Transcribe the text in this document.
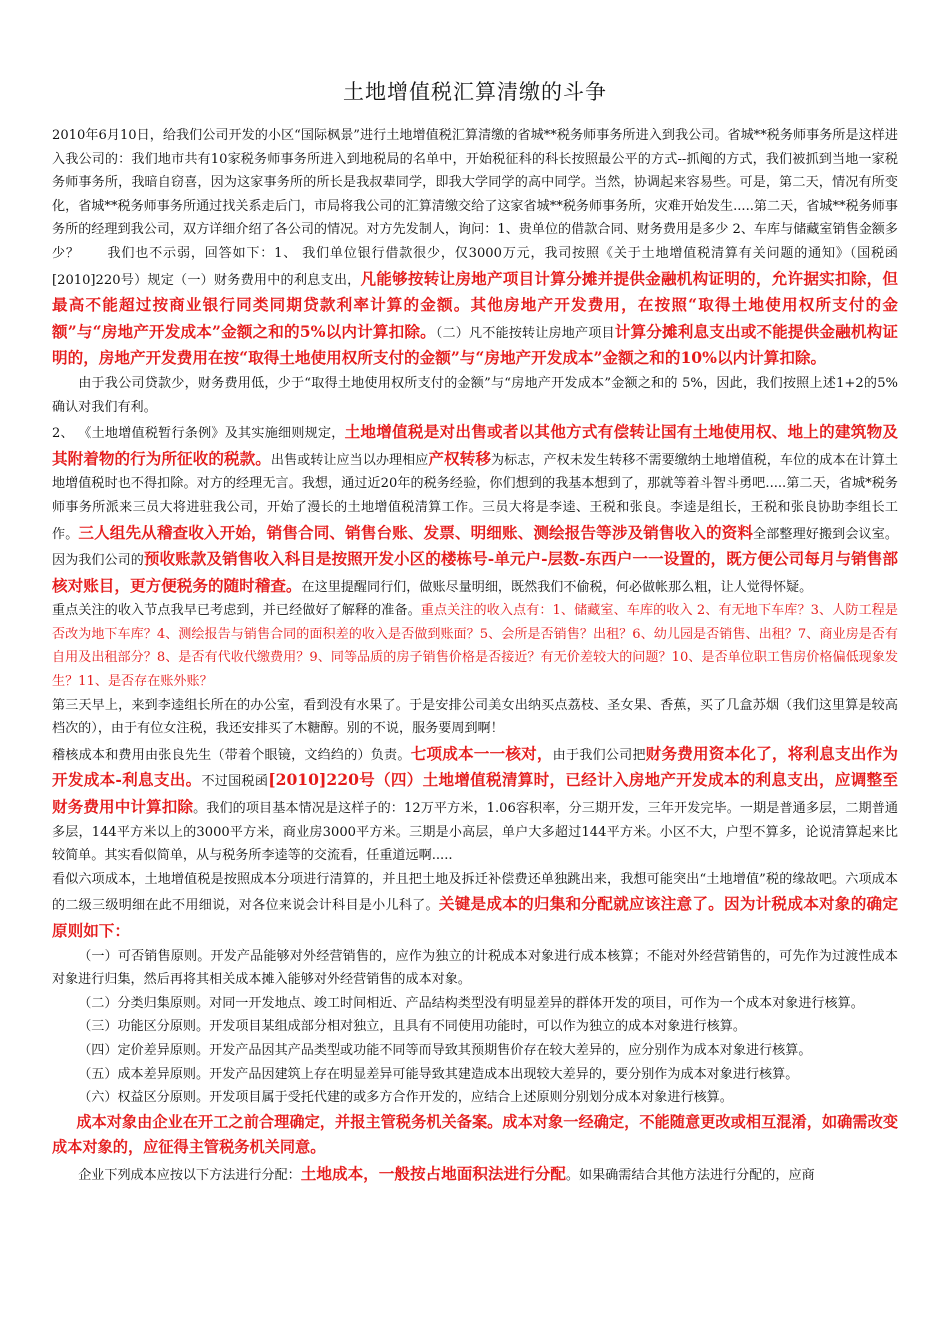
土地增值税汇算清缴的斗争

2010年6月10日，给我们公司开发的小区“国际枫景”进行土地增值税汇算清缴的省城**税务师事务所进入到我公司。省城**税务师事务所是这样进入我公司的：我们地市共有10家税务师事务所进入到地税局的名单中，开始税征科的科长按照最公平的方式--抓阄的方式，我们被抓到当地一家税务师事务所，我暗自窃喜，因为这家事务所的所长是我叔辈同学，即我大学同学的高中同学。当然，协调起来容易些。可是，第二天，情况有所变化，省城**税务师事务所通过找关系走后门，市局将我公司的汇算清缴交给了这家省城**税务师事务所，灾难开始发生.....第二天，省城**税务师事务所的经理到我公司，双方详细介绍了各公司的情况。对方先发制人，询问：1、贵单位的借款合同、财务费用是多少 2、车库与储藏室销售金额多少？　　我们也不示弱，回答如下：1、 我们单位银行借款很少，仅3000万元，我司按照《关于土地增值税清算有关问题的通知》（国税函[2010]220号）规定（一）财务费用中的利息支出，凡能够按转让房地产项目计算分摊并提供金融机构证明的，允许据实扣除，但最高不能超过按商业银行同类同期贷款利率计算的金额。其他房地产开发费用，在按照“取得土地使用权所支付的金额”与“房地产开发成本”金额之和的5%以内计算扣除。（二）凡不能按转让房地产项目计算分摊利息支出或不能提供金融机构证明的，房地产开发费用在按“取得土地使用权所支付的金额”与“房地产开发成本”金额之和的10%以内计算扣除。

由于我公司贷款少，财务费用低，少于“取得土地使用权所支付的金额”与“房地产开发成本”金额之和的 5%，因此，我们按照上述1+2的5%确认对我们有利。

2、 《土地增值税暂行条例》及其实施细则规定，土地增值税是对出售或者以其他方式有偿转让国有土地使用权、地上的建筑物及其附着物的行为所征收的税款。出售或转让应当以办理相应产权转移为标志，产权未发生转移不需要缴纳土地增值税，车位的成本在计算土地增值税时也不得扣除。对方的经理无言。我想，通过近20年的税务经验，你们想到的我基本想到了，那就等着斗智斗勇吧.....第二天，省城*税务师事务所派来三员大将进驻我公司，开始了漫长的土地增值税清算工作。三员大将是李逵、王税和张良。李逵是组长，王税和张良协助李组长工作。三人组先从稽查收入开始，销售合同、销售台账、发票、明细账、测绘报告等涉及销售收入的资料全部整理好搬到会议室。因为我们公司的预收账款及销售收入科目是按照开发小区的楼栋号-单元户-层数-东西户一一设置的，既方便公司每月与销售部核对账目，更方便税务的随时稽查。在这里提醒同行们，做账尽量明细，既然我们不偷税，何必做帐那么粗，让人觉得怀疑。

重点关注的收入节点我早已考虑到，并已经做好了解释的准备。重点关注的收入点有：1、储藏室、车库的收入 2、有无地下车库？3、人防工程是否改为地下车库？4、测绘报告与销售合同的面积差的收入是否做到账面？5、会所是否销售？出租？6、幼儿园是否销售、出租？7、商业房是否有自用及出租部分？8、是否有代收代缴费用？9、同等品质的房子销售价格是否接近？有无价差较大的问题？10、是否单位职工售房价格偏低现象发生？11、是否存在账外账？

第三天早上，来到李逵组长所在的办公室，看到没有水果了。于是安排公司美女出纳买点荔枝、圣女果、香蕉，买了几盒苏烟（我们这里算是较高档次的），由于有位女注税，我还安排买了木糖醇。别的不说，服务要周到啊！

稽核成本和费用由张良先生（带着个眼镜，文绉绉的）负责。七项成本一一核对，由于我们公司把财务费用资本化了，将利息支出作为开发成本-利息支出。不过国税函[2010]220号（四）土地增值税清算时，已经计入房地产开发成本的利息支出，应调整至财务费用中计算扣除。我们的项目基本情况是这样子的：12万平方米，1.06容积率，分三期开发，三年开发完毕。一期是普通多层，二期普通多层，144平方米以上的3000平方米，商业房3000平方米。三期是小高层，单户大多超过144平方米。小区不大，户型不算多，论说清算起来比较简单。其实看似简单，从与税务所李逵等的交流看，任重道远啊.....

看似六项成本，土地增值税是按照成本分项进行清算的，并且把土地及拆迁补偿费还单独跳出来，我想可能突出“土地增值”税的缘故吧。六项成本的二级三级明细在此不用细说，对各位来说会计科目是小儿科了。关键是成本的归集和分配就应该注意了。因为计税成本对象的确定原则如下：

（一）可否销售原则。开发产品能够对外经营销售的，应作为独立的计税成本对象进行成本核算；不能对外经营销售的，可先作为过渡性成本对象进行归集，然后再将其相关成本摊入能够对外经营销售的成本对象。

（二）分类归集原则。对同一开发地点、竣工时间相近、产品结构类型没有明显差异的群体开发的项目，可作为一个成本对象进行核算。

（三）功能区分原则。开发项目某组成部分相对独立，且具有不同使用功能时，可以作为独立的成本对象进行核算。

（四）定价差异原则。开发产品因其产品类型或功能不同等而导致其预期售价存在较大差异的，应分别作为成本对象进行核算。

（五）成本差异原则。开发产品因建筑上存在明显差异可能导致其建造成本出现较大差异的，要分别作为成本对象进行核算。

（六）权益区分原则。开发项目属于受托代建的或多方合作开发的，应结合上述原则分别划分成本对象进行核算。

成本对象由企业在开工之前合理确定，并报主管税务机关备案。成本对象一经确定，不能随意更改或相互混淆，如确需改变成本对象的，应征得主管税务机关同意。

企业下列成本应按以下方法进行分配：土地成本，一般按占地面积法进行分配。如果确需结合其他方法进行分配的，应商
